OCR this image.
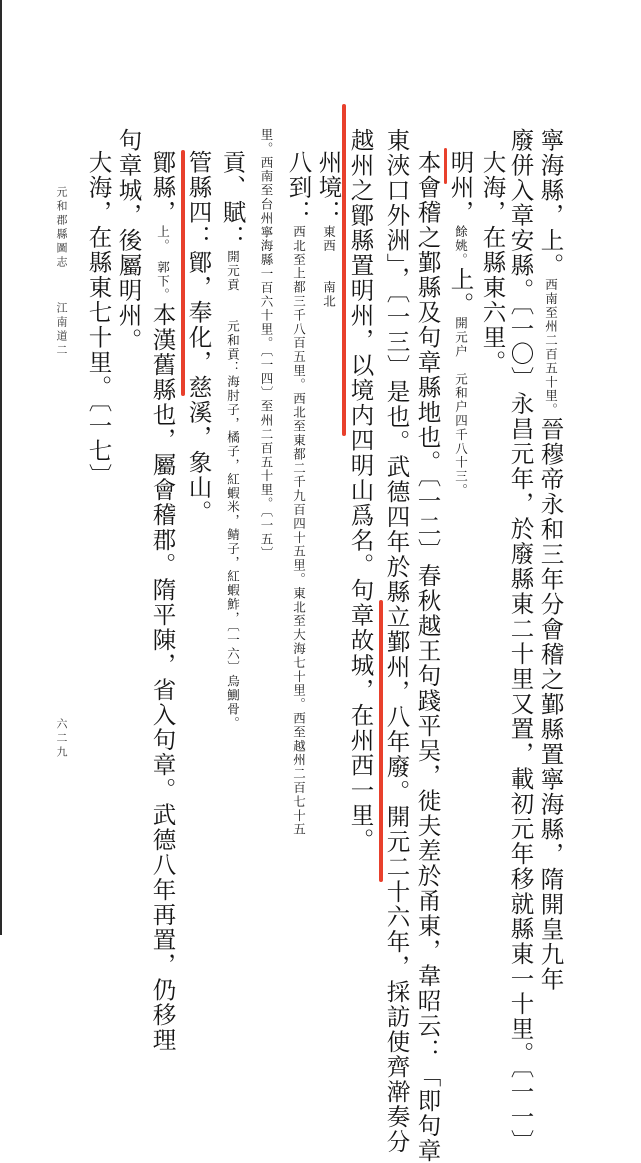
寧海縣，上。西南至州二百五十里。晉穆帝永和三年分會稽之鄞縣置寧海縣，隋開皇九年
廢併入章安縣。〔一〇〕永昌元年，於廢縣東二十里又置，載初元年移就縣東一十里。〔一一〕
大海，在縣東六里。
明州，餘姚。上。開元户　元和户四千八十三。
本會稽之鄞縣及句章縣地也。〔一二〕春秋越王句踐平吴，徙夫差於甬東，韋昭云：「即句章
東浹口外洲」，〔一三〕是也。武德四年於縣立鄞州，八年廢。開元二十六年，採訪使齊澣奏分
越州之鄮縣置明州，以境内四明山爲名。句章故城，在州西一里。
州境：東西　　南北
八到：西北至上都三千八百五里。西北至東都二千九百四十五里。東北至大海七十里。西至越州二百七十五
里。西南至台州寧海縣一百六十里。〔一四〕至州二百五十里。〔一五〕
貢、賦：開元貢　　元和貢：海肘子，橘子，紅蝦米，鲭子，紅蝦鮓，〔一六〕烏鰂骨。
管縣四：鄮，奉化，慈溪，象山。
鄮縣，上。　郭下。本漢舊縣也，屬會稽郡。隋平陳，省入句章。武德八年再置，仍移理
句章城，後屬明州。
大海，在縣東七十里。〔一七〕
元和郡縣圖志
江南道二
六二九
